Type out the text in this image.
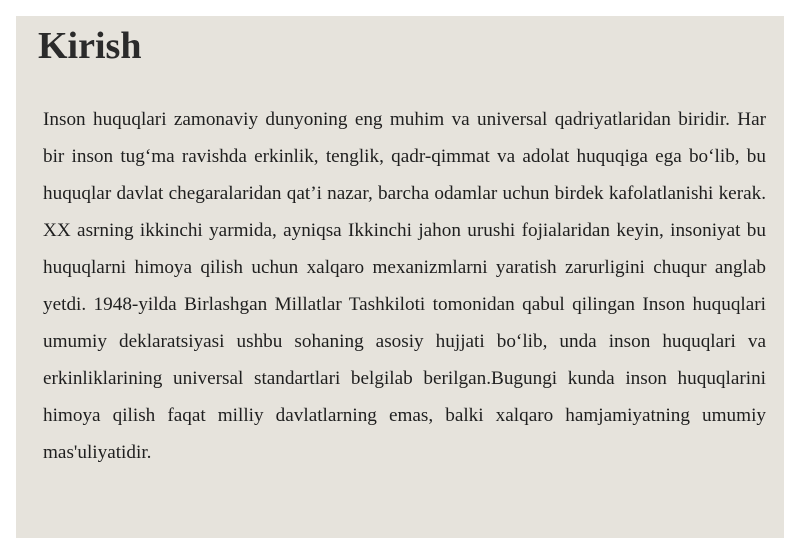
Kirish

Inson huquqlari zamonaviy dunyoning eng muhim va universal qadriyatlaridan biridir. Har bir inson tug‘ma ravishda erkinlik, tenglik, qadr-qimmat va adolat huquqiga ega bo‘lib, bu huquqlar davlat chegaralaridan qat’i nazar, barcha odamlar uchun birdek kafolatlanishi kerak. XX asrning ikkinchi yarmida, ayniqsa Ikkinchi jahon urushi fojialaridan keyin, insoniyat bu huquqlarni himoya qilish uchun xalqaro mexanizmlarni yaratish zarurligini chuqur anglab yetdi. 1948-yilda Birlashgan Millatlar Tashkiloti tomonidan qabul qilingan Inson huquqlari umumiy deklaratsiyasi ushbu sohaning asosiy hujjati bo‘lib, unda inson huquqlari va erkinliklarining universal standartlari belgilab berilgan.Bugungi kunda inson huquqlarini himoya qilish faqat milliy davlatlarning emas, balki xalqaro hamjamiyatning umumiy mas'uliyatidir.
